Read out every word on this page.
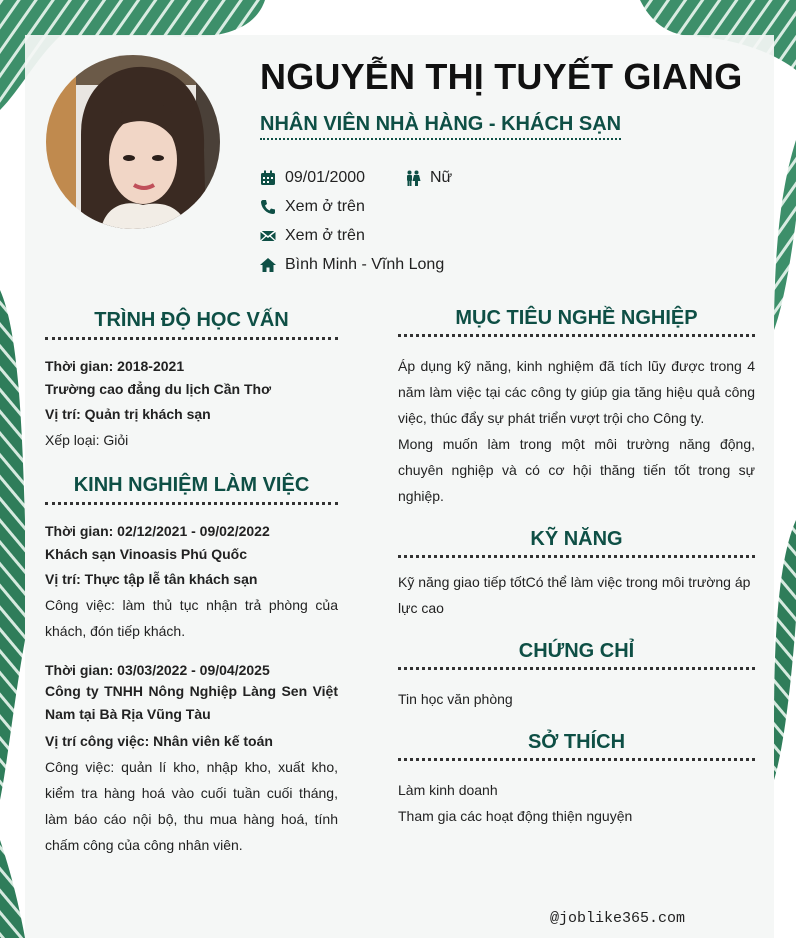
NGUYỄN THỊ TUYẾT GIANG
NHÂN VIÊN NHÀ HÀNG - KHÁCH SẠN
09/01/2000	Nữ
Xem ở trên
Xem ở trên
Bình Minh - Vĩnh Long
TRÌNH ĐỘ HỌC VẤN
Thời gian: 2018-2021
Trường cao đẳng du lịch Cần Thơ
Vị trí: Quản trị khách sạn
Xếp loại: Giỏi
KINH NGHIỆM LÀM VIỆC
Thời gian: 02/12/2021 - 09/02/2022
Khách sạn Vinoasis Phú Quốc
Vị trí: Thực tập lễ tân khách sạn
Công việc: làm thủ tục nhận trả phòng của khách, đón tiếp khách.
Thời gian: 03/03/2022 - 09/04/2025
Công ty TNHH Nông Nghiệp Làng Sen Việt Nam tại Bà Rịa Vũng Tàu
Vị trí công việc: Nhân viên kế toán
Công việc: quản lí kho, nhập kho, xuất kho, kiểm tra hàng hoá vào cuối tuần cuối tháng, làm báo cáo nội bộ, thu mua hàng hoá, tính chấm công của công nhân viên.
MỤC TIÊU NGHỀ NGHIỆP
Áp dụng kỹ năng, kinh nghiệm đã tích lũy được trong 4 năm làm việc tại các công ty giúp gia tăng hiệu quả công việc, thúc đẩy sự phát triển vượt trội cho Công ty.
Mong muốn làm trong một môi trường năng động, chuyên nghiệp và có cơ hội thăng tiến tốt trong sự nghiệp.
KỸ NĂNG
Kỹ năng giao tiếp tốtCó thể làm việc trong môi trường áp lực cao
CHỨNG CHỈ
Tin học văn phòng
SỞ THÍCH
Làm kinh doanh
Tham gia các hoạt động thiện nguyện
@joblike365.com
